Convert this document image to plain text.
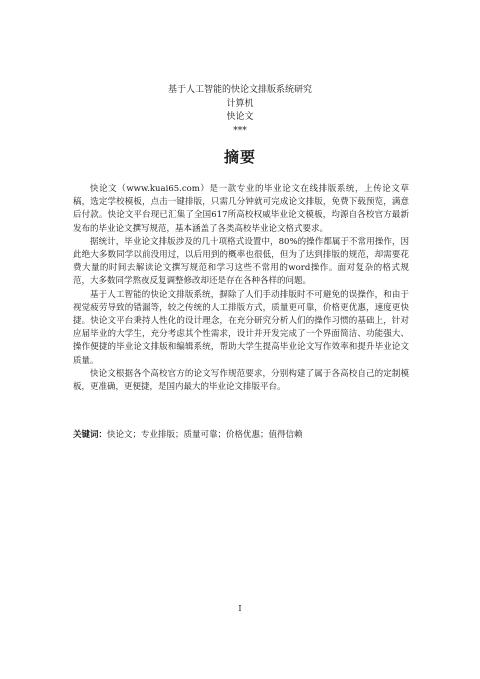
基于人工智能的快论文排版系统研究
计算机
快论文
***
摘要

快论文（www.kuai65.com）是一款专业的毕业论文在线排版系统，上传论文草稿，选定学校模板，点击一键排版，只需几分钟就可完成论文排版，免费下载预览，满意后付款。快论文平台现已汇集了全国617所高校权威毕业论文模板，均源自各校官方最新发布的毕业论文撰写规范，基本涵盖了各类高校毕业论文格式要求。

据统计，毕业论文排版涉及的几十项格式设置中，80%的操作都属于不常用操作，因此绝大多数同学以前没用过，以后用到的概率也很低，但为了达到排版的规范，却需要花费大量的时间去解读论文撰写规范和学习这些不常用的word操作。面对复杂的格式规范，大多数同学熬夜反复调整修改却还是存在各种各样的问题。

基于人工智能的快论文排版系统，摒除了人们手动排版时不可避免的误操作，和由于视觉疲劳导致的错漏等，较之传统的人工排版方式，质量更可靠，价格更优惠，速度更快捷。快论文平台秉持人性化的设计理念，在充分研究分析人们的操作习惯的基础上，针对应届毕业的大学生，充分考虑其个性需求，设计并开发完成了一个界面简洁、功能强大、操作便捷的毕业论文排版和编辑系统，帮助大学生提高毕业论文写作效率和提升毕业论文质量。

快论文根据各个高校官方的论文写作规范要求，分别构建了属于各高校自己的定制模板，更准确，更便捷，是国内最大的毕业论文排版平台。

关键词：快论文；专业排版；质量可靠；价格优惠；值得信赖
I
